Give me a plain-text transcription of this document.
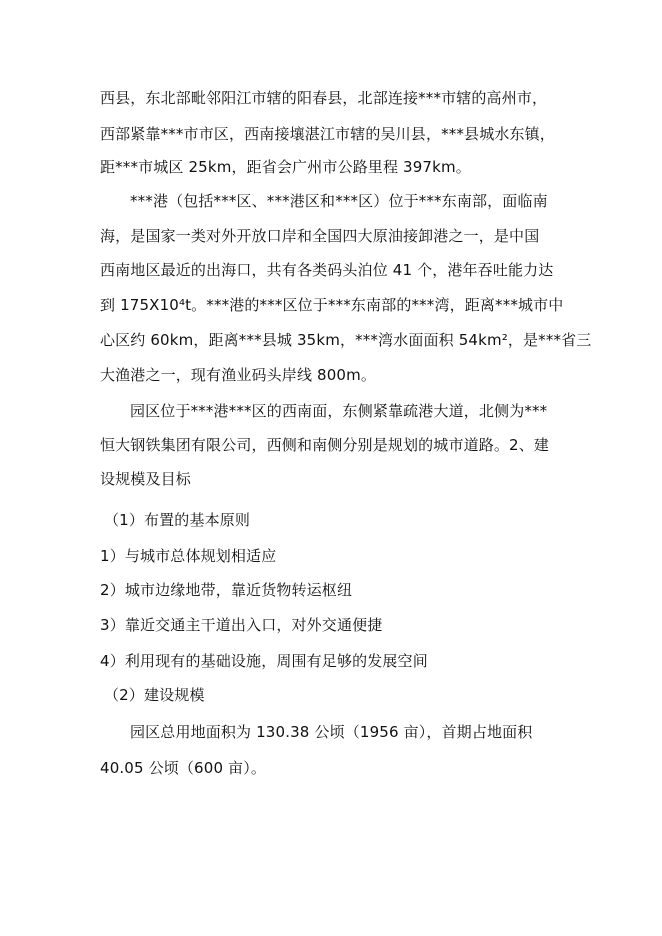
西县，东北部毗邻阳江市辖的阳春县，北部连接***市辖的高州市，
西部紧靠***市市区，西南接壤湛江市辖的吴川县，***县城水东镇，
距***市城区 25km，距省会广州市公路里程 397km。
***港（包括***区、***港区和***区）位于***东南部，面临南
海，是国家一类对外开放口岸和全国四大原油接卸港之一，是中国
西南地区最近的出海口，共有各类码头泊位 41 个，港年吞吐能力达
到 175X10⁴t。***港的***区位于***东南部的***湾，距离***城市中
心区约 60km，距离***县城 35km，***湾水面面积 54km²，是***省三
大渔港之一，现有渔业码头岸线 800m。
园区位于***港***区的西南面，东侧紧靠疏港大道，北侧为***
恒大钢铁集团有限公司，西侧和南侧分别是规划的城市道路。2、建
设规模及目标
（1）布置的基本原则
1）与城市总体规划相适应
2）城市边缘地带，靠近货物转运枢纽
3）靠近交通主干道出入口，对外交通便捷
4）利用现有的基础设施，周围有足够的发展空间
（2）建设规模
园区总用地面积为 130.38 公顷（1956 亩），首期占地面积
40.05 公顷（600 亩）。
